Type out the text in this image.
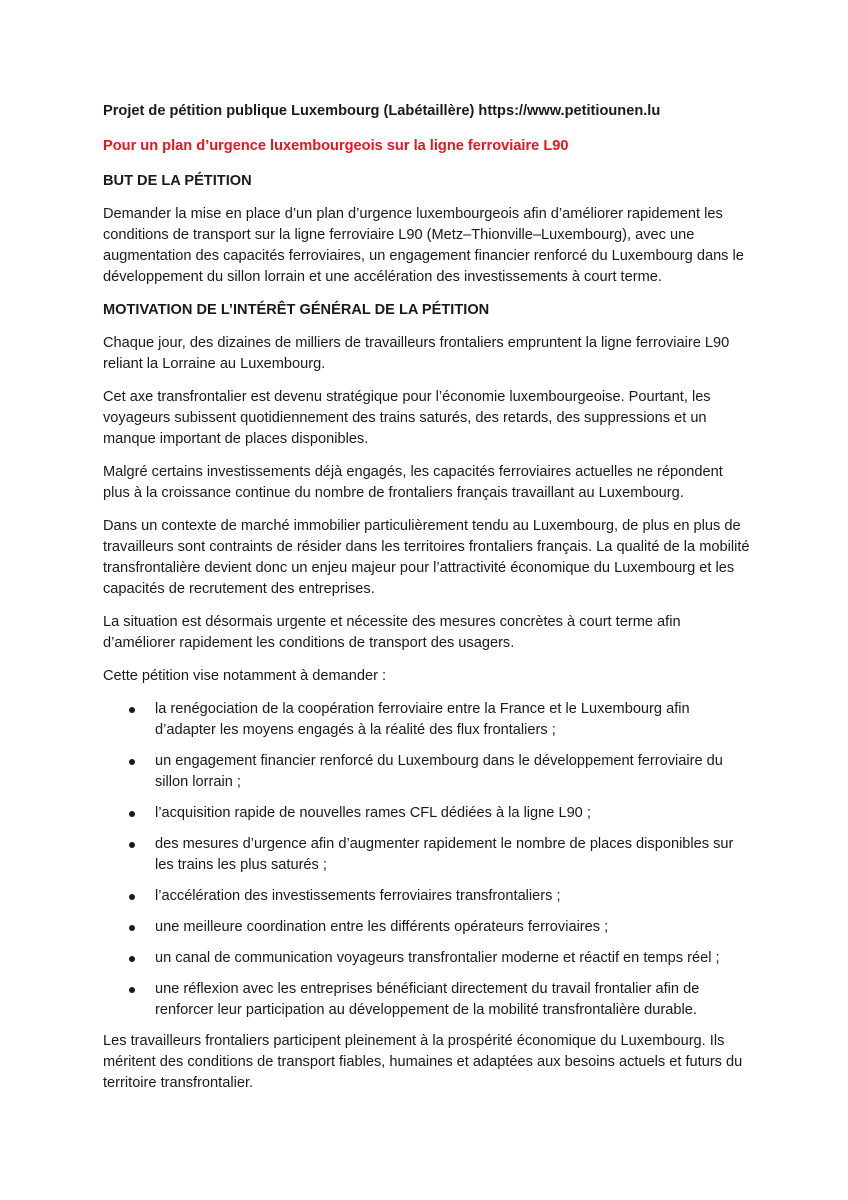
Projet de pétition publique Luxembourg (Labétaillère) https://www.petitiounen.lu

Pour un plan d’urgence luxembourgeois sur la ligne ferroviaire L90

BUT DE LA PÉTITION

Demander la mise en place d’un plan d’urgence luxembourgeois afin d’améliorer rapidement les conditions de transport sur la ligne ferroviaire L90 (Metz–Thionville–Luxembourg), avec une augmentation des capacités ferroviaires, un engagement financier renforcé du Luxembourg dans le développement du sillon lorrain et une accélération des investissements à court terme.

MOTIVATION DE L’INTÉRÊT GÉNÉRAL DE LA PÉTITION

Chaque jour, des dizaines de milliers de travailleurs frontaliers empruntent la ligne ferroviaire L90 reliant la Lorraine au Luxembourg.

Cet axe transfrontalier est devenu stratégique pour l’économie luxembourgeoise. Pourtant, les voyageurs subissent quotidiennement des trains saturés, des retards, des suppressions et un manque important de places disponibles.

Malgré certains investissements déjà engagés, les capacités ferroviaires actuelles ne répondent plus à la croissance continue du nombre de frontaliers français travaillant au Luxembourg.

Dans un contexte de marché immobilier particulièrement tendu au Luxembourg, de plus en plus de travailleurs sont contraints de résider dans les territoires frontaliers français. La qualité de la mobilité transfrontalière devient donc un enjeu majeur pour l’attractivité économique du Luxembourg et les capacités de recrutement des entreprises.

La situation est désormais urgente et nécessite des mesures concrètes à court terme afin d’améliorer rapidement les conditions de transport des usagers.

Cette pétition vise notamment à demander :

la renégociation de la coopération ferroviaire entre la France et le Luxembourg afin d’adapter les moyens engagés à la réalité des flux frontaliers ;
un engagement financier renforcé du Luxembourg dans le développement ferroviaire du sillon lorrain ;
l’acquisition rapide de nouvelles rames CFL dédiées à la ligne L90 ;
des mesures d’urgence afin d’augmenter rapidement le nombre de places disponibles sur les trains les plus saturés ;
l’accélération des investissements ferroviaires transfrontaliers ;
une meilleure coordination entre les différents opérateurs ferroviaires ;
un canal de communication voyageurs transfrontalier moderne et réactif en temps réel ;
une réflexion avec les entreprises bénéficiant directement du travail frontalier afin de renforcer leur participation au développement de la mobilité transfrontalière durable.

Les travailleurs frontaliers participent pleinement à la prospérité économique du Luxembourg. Ils méritent des conditions de transport fiables, humaines et adaptées aux besoins actuels et futurs du territoire transfrontalier.
